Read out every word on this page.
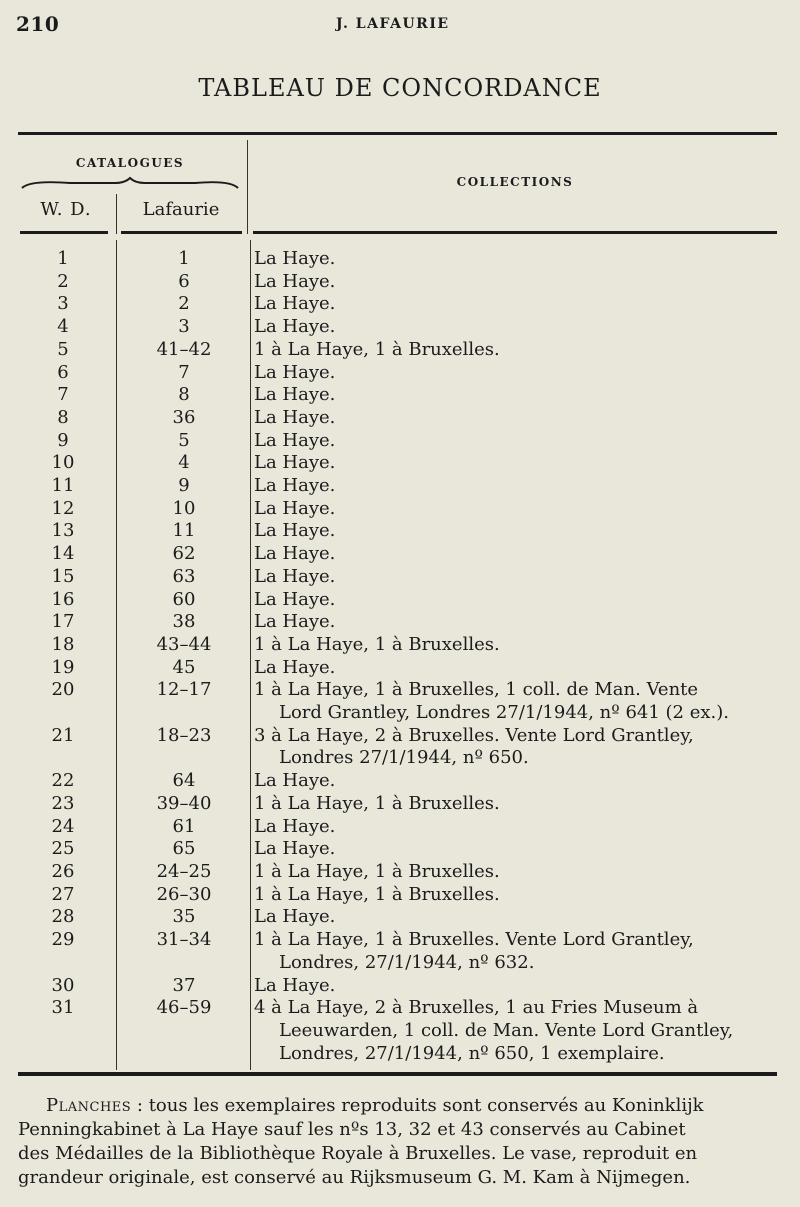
210	J. LAFAURIE
TABLEAU DE CONCORDANCE
CATALOGUES
COLLECTIONS
W. D.	Lafaurie
1	1	La Haye.
2	6	La Haye.
3	2	La Haye.
4	3	La Haye.
5	41–42	1 à La Haye, 1 à Bruxelles.
6	7	La Haye.
7	8	La Haye.
8	36	La Haye.
9	5	La Haye.
10	4	La Haye.
11	9	La Haye.
12	10	La Haye.
13	11	La Haye.
14	62	La Haye.
15	63	La Haye.
16	60	La Haye.
17	38	La Haye.
18	43–44	1 à La Haye, 1 à Bruxelles.
19	45	La Haye.
20	12–17	1 à La Haye, 1 à Bruxelles, 1 coll. de Man. Vente
Lord Grantley, Londres 27/1/1944, nº 641 (2 ex.).
21	18–23	3 à La Haye, 2 à Bruxelles. Vente Lord Grantley,
Londres 27/1/1944, nº 650.
22	64	La Haye.
23	39–40	1 à La Haye, 1 à Bruxelles.
24	61	La Haye.
25	65	La Haye.
26	24–25	1 à La Haye, 1 à Bruxelles.
27	26–30	1 à La Haye, 1 à Bruxelles.
28	35	La Haye.
29	31–34	1 à La Haye, 1 à Bruxelles. Vente Lord Grantley,
Londres, 27/1/1944, nº 632.
30	37	La Haye.
31	46–59	4 à La Haye, 2 à Bruxelles, 1 au Fries Museum à
Leeuwarden, 1 coll. de Man. Vente Lord Grantley,
Londres, 27/1/1944, nº 650, 1 exemplaire.
Planches : tous les exemplaires reproduits sont conservés au Koninklijk
Penningkabinet à La Haye sauf les nºs 13, 32 et 43 conservés au Cabinet
des Médailles de la Bibliothèque Royale à Bruxelles. Le vase, reproduit en
grandeur originale, est conservé au Rijksmuseum G. M. Kam à Nijmegen.
